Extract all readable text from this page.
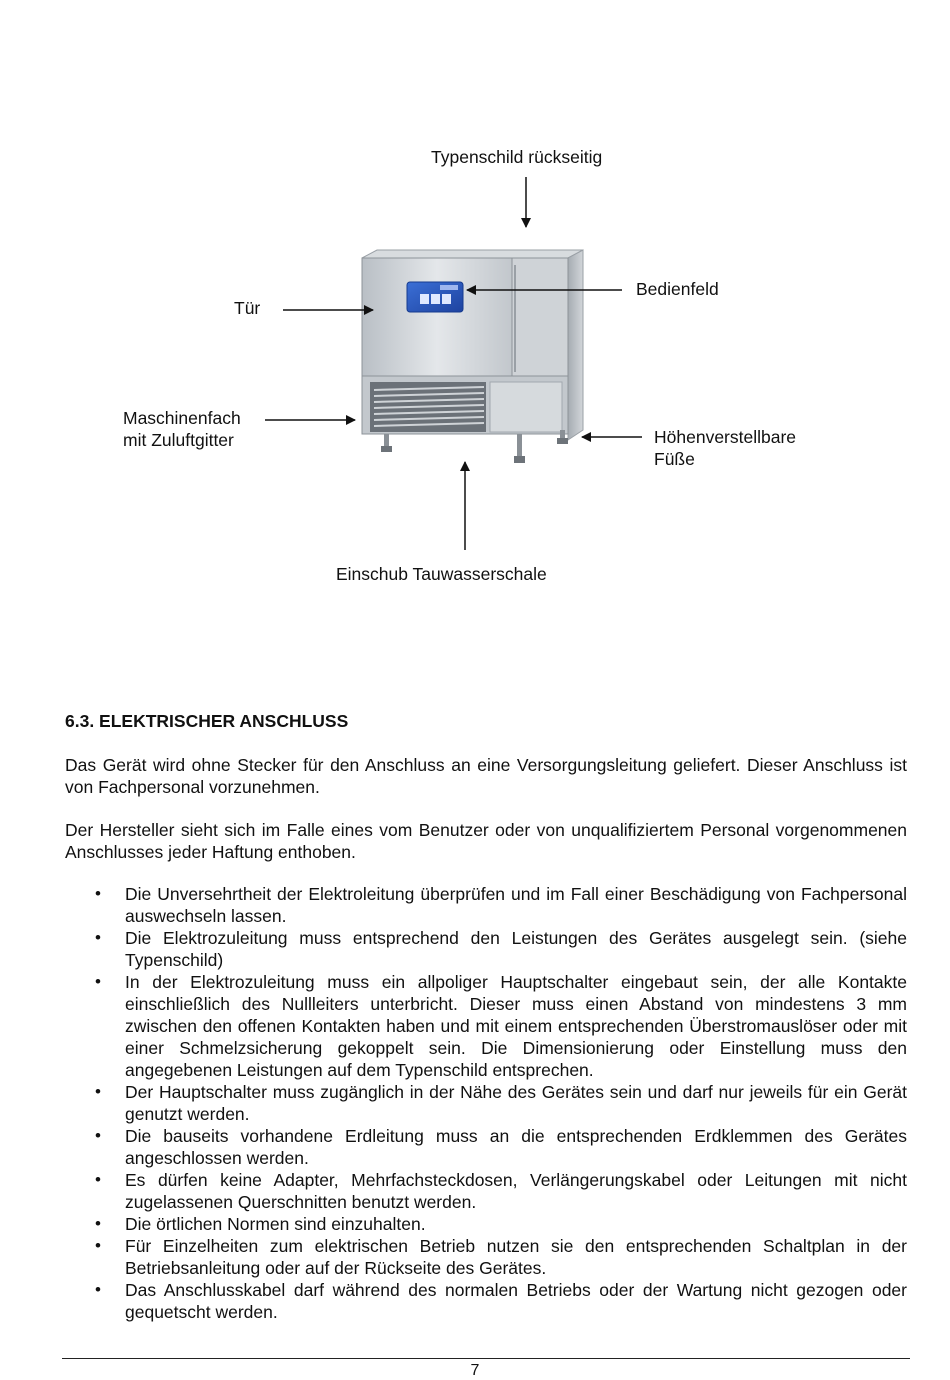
Typenschild rückseitig
Bedienfeld
Tür
Maschinenfach
mit Zuluftgitter	Höhenverstellbare
Füße
Einschub Tauwasserschale
6.3. ELEKTRISCHER ANSCHLUSS

Das Gerät wird ohne Stecker für den Anschluss an eine Versorgungsleitung geliefert. Dieser Anschluss ist von Fachpersonal vorzunehmen.

Der Hersteller sieht sich im Falle eines vom Benutzer oder von unqualifiziertem Personal vorgenommenen Anschlusses jeder Haftung enthoben.

• Die Unversehrtheit der Elektroleitung überprüfen und im Fall einer Beschädigung von Fachpersonal auswechseln lassen.
• Die Elektrozuleitung muss entsprechend den Leistungen des Gerätes ausgelegt sein. (siehe Typenschild)
• In der Elektrozuleitung muss ein allpoliger Hauptschalter eingebaut sein, der alle Kontakte einschließlich des Nullleiters unterbricht. Dieser muss einen Abstand von mindestens 3 mm zwischen den offenen Kontakten haben und mit einem entsprechenden Überstromauslöser oder mit einer Schmelzsicherung gekoppelt sein. Die Dimensionierung oder Einstellung muss den angegebenen Leistungen auf dem Typenschild entsprechen.
• Der Hauptschalter muss zugänglich in der Nähe des Gerätes sein und darf nur jeweils für ein Gerät genutzt werden.
• Die bauseits vorhandene Erdleitung muss an die entsprechenden Erdklemmen des Gerätes angeschlossen werden.
• Es dürfen keine Adapter, Mehrfachsteckdosen, Verlängerungskabel oder Leitungen mit nicht zugelassenen Querschnitten benutzt werden.
• Die örtlichen Normen sind einzuhalten.
• Für Einzelheiten zum elektrischen Betrieb nutzen sie den entsprechenden Schaltplan in der Betriebsanleitung oder auf der Rückseite des Gerätes.
• Das Anschlusskabel darf während des normalen Betriebs oder der Wartung nicht gezogen oder gequetscht werden.
7
